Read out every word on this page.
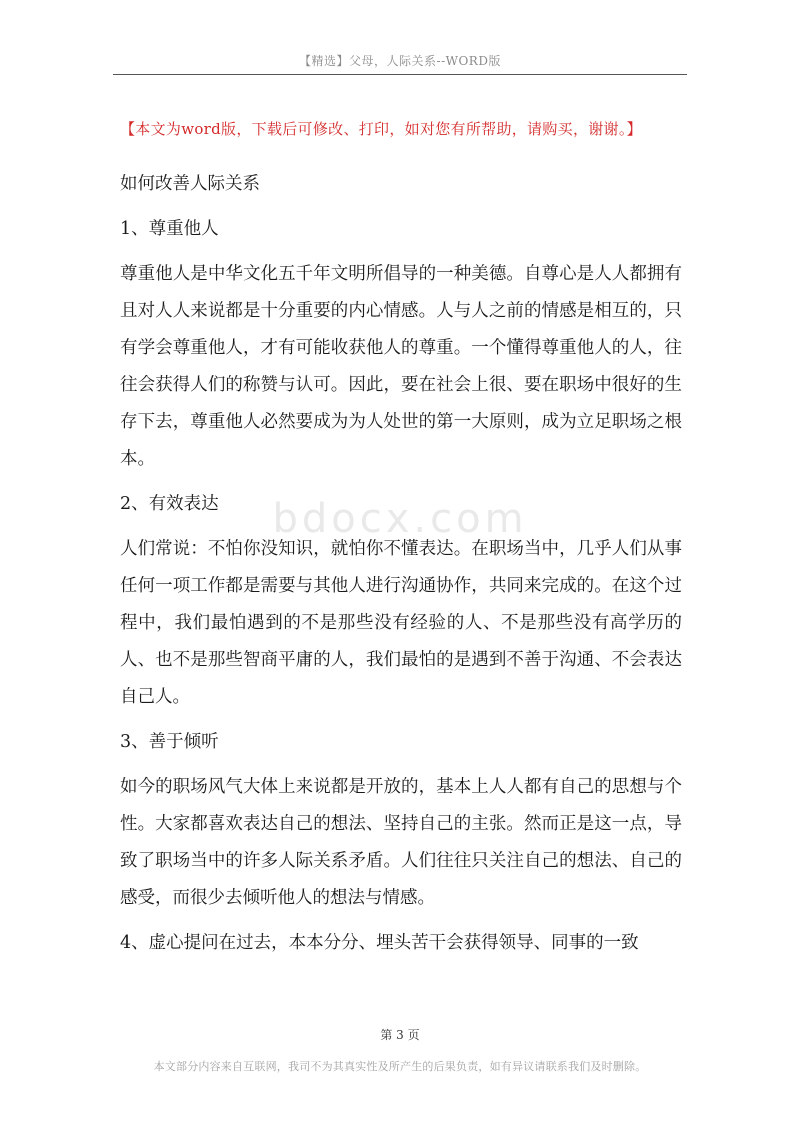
【精选】父母，人际关系--WORD版
【本文为word版，下载后可修改、打印，如对您有所帮助，请购买，谢谢。】
bdocx.com

如何改善人际关系

1、尊重他人

尊重他人是中华文化五千年文明所倡导的一种美德。自尊心是人人都拥有且对人人来说都是十分重要的内心情感。人与人之前的情感是相互的，只有学会尊重他人，才有可能收获他人的尊重。一个懂得尊重他人的人，往往会获得人们的称赞与认可。因此，要在社会上很、要在职场中很好的生存下去，尊重他人必然要成为为人处世的第一大原则，成为立足职场之根本。

2、有效表达

人们常说：不怕你没知识，就怕你不懂表达。在职场当中，几乎人们从事任何一项工作都是需要与其他人进行沟通协作，共同来完成的。在这个过程中，我们最怕遇到的不是那些没有经验的人、不是那些没有高学历的人、也不是那些智商平庸的人，我们最怕的是遇到不善于沟通、不会表达自己人。

3、善于倾听

如今的职场风气大体上来说都是开放的，基本上人人都有自己的思想与个性。大家都喜欢表达自己的想法、坚持自己的主张。然而正是这一点，导致了职场当中的许多人际关系矛盾。人们往往只关注自己的想法、自己的感受，而很少去倾听他人的想法与情感。

4、虚心提问在过去，本本分分、埋头苦干会获得领导、同事的一致

第 3 页
本文部分内容来自互联网，我司不为其真实性及所产生的后果负责，如有异议请联系我们及时删除。
